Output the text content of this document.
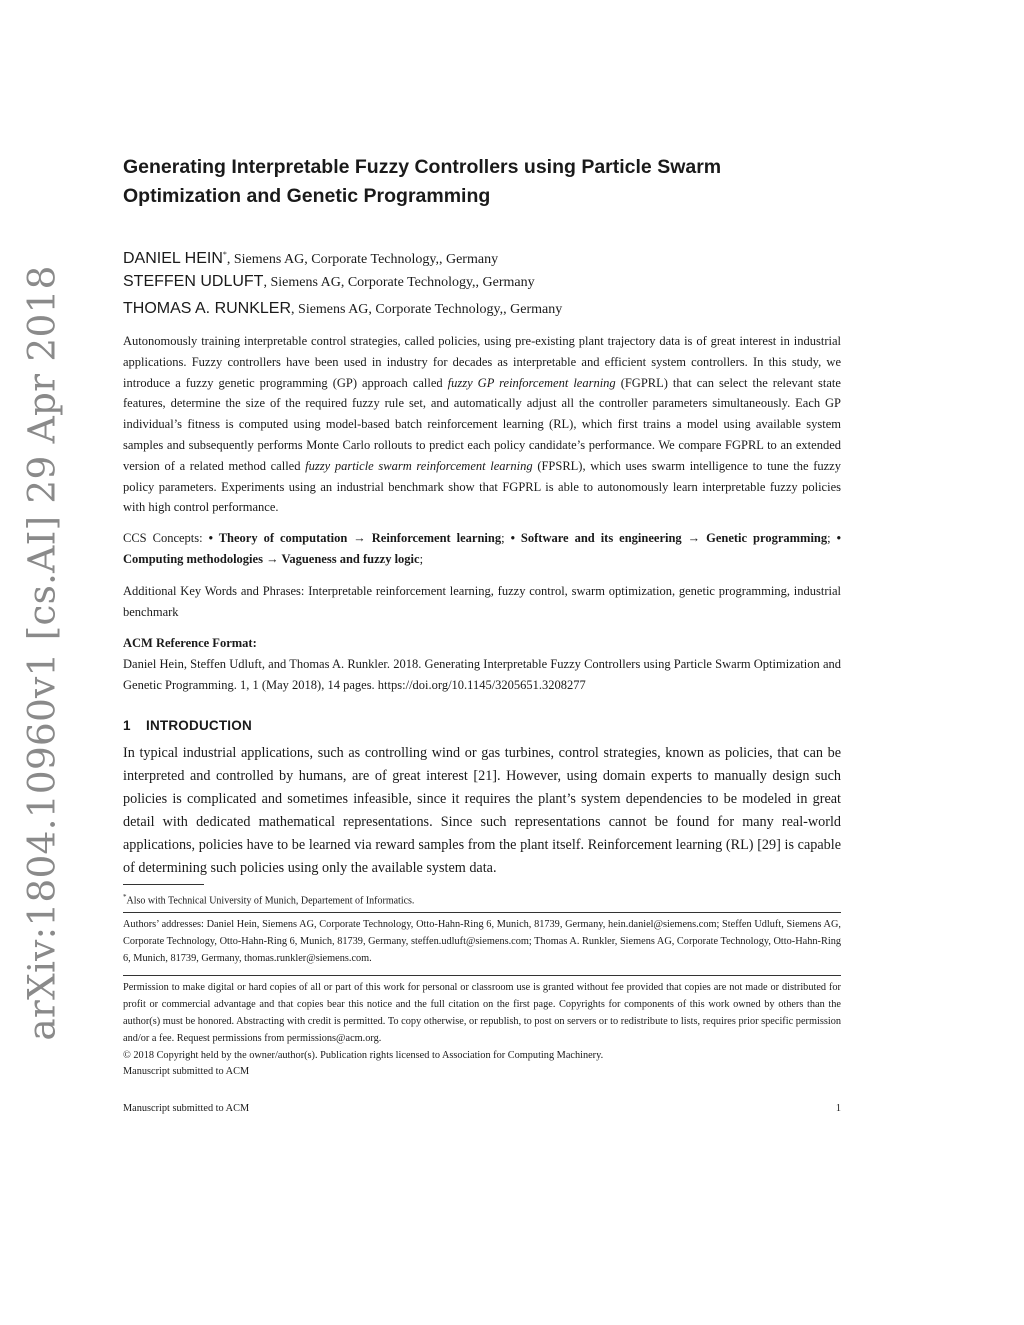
arXiv:1804.10960v1 [cs.AI] 29 Apr 2018
Generating Interpretable Fuzzy Controllers using Particle Swarm Optimization and Genetic Programming
DANIEL HEIN*, Siemens AG, Corporate Technology,, Germany
STEFFEN UDLUFT, Siemens AG, Corporate Technology,, Germany
THOMAS A. RUNKLER, Siemens AG, Corporate Technology,, Germany

Autonomously training interpretable control strategies, called policies, using pre-existing plant trajectory data is of great interest in industrial applications. Fuzzy controllers have been used in industry for decades as interpretable and efficient system controllers. In this study, we introduce a fuzzy genetic programming (GP) approach called fuzzy GP reinforcement learning (FGPRL) that can select the relevant state features, determine the size of the required fuzzy rule set, and automatically adjust all the controller parameters simultaneously. Each GP individual’s fitness is computed using model-based batch reinforcement learning (RL), which first trains a model using available system samples and subsequently performs Monte Carlo rollouts to predict each policy candidate’s performance. We compare FGPRL to an extended version of a related method called fuzzy particle swarm reinforcement learning (FPSRL), which uses swarm intelligence to tune the fuzzy policy parameters. Experiments using an industrial benchmark show that FGPRL is able to autonomously learn interpretable fuzzy policies with high control performance.

CCS Concepts: • Theory of computation → Reinforcement learning; • Software and its engineering → Genetic programming; • Computing methodologies → Vagueness and fuzzy logic;

Additional Key Words and Phrases: Interpretable reinforcement learning, fuzzy control, swarm optimization, genetic programming, industrial benchmark

ACM Reference Format:

Daniel Hein, Steffen Udluft, and Thomas A. Runkler. 2018. Generating Interpretable Fuzzy Controllers using Particle Swarm Optimization and Genetic Programming. 1, 1 (May 2018), 14 pages. https://doi.org/10.1145/3205651.3208277

1 INTRODUCTION

In typical industrial applications, such as controlling wind or gas turbines, control strategies, known as policies, that can be interpreted and controlled by humans, are of great interest [21]. However, using domain experts to manually design such policies is complicated and sometimes infeasible, since it requires the plant’s system dependencies to be modeled in great detail with dedicated mathematical representations. Since such representations cannot be found for many real-world applications, policies have to be learned via reward samples from the plant itself. Reinforcement learning (RL) [29] is capable of determining such policies using only the available system data.

*Also with Technical University of Munich, Departement of Informatics.

Authors’ addresses: Daniel Hein, Siemens AG, Corporate Technology, Otto-Hahn-Ring 6, Munich, 81739, Germany, hein.daniel@siemens.com; Steffen Udluft, Siemens AG, Corporate Technology, Otto-Hahn-Ring 6, Munich, 81739, Germany, steffen.udluft@siemens.com; Thomas A. Runkler, Siemens AG, Corporate Technology, Otto-Hahn-Ring 6, Munich, 81739, Germany, thomas.runkler@siemens.com.

Permission to make digital or hard copies of all or part of this work for personal or classroom use is granted without fee provided that copies are not made or distributed for profit or commercial advantage and that copies bear this notice and the full citation on the first page. Copyrights for components of this work owned by others than the author(s) must be honored. Abstracting with credit is permitted. To copy otherwise, or republish, to post on servers or to redistribute to lists, requires prior specific permission and/or a fee. Request permissions from permissions@acm.org.

© 2018 Copyright held by the owner/author(s). Publication rights licensed to Association for Computing Machinery.

Manuscript submitted to ACM

Manuscript submitted to ACM	1
